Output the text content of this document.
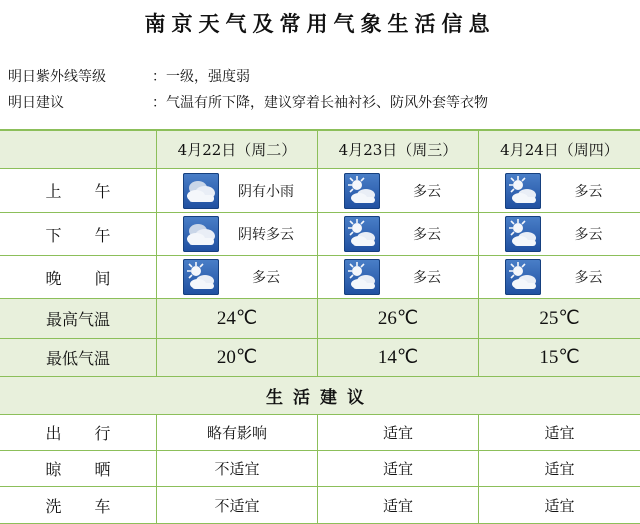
南京天气及常用气象生活信息
明日紫外线等级	：一级，强度弱
明日建议	：气温有所下降，建议穿着长袖衬衫、防风外套等衣物
4月22日（周二）	4月23日（周三）	4月24日（周四）
上 午	阴有小雨	多云	多云
下 午	阴转多云	多云	多云
晚 间	多云	多云	多云
最高气温	24℃	26℃	25℃
最低气温	20℃	14℃	15℃
生活建议
出 行	略有影响	适宜	适宜
晾 晒	不适宜	适宜	适宜
洗 车	不适宜	适宜	适宜
